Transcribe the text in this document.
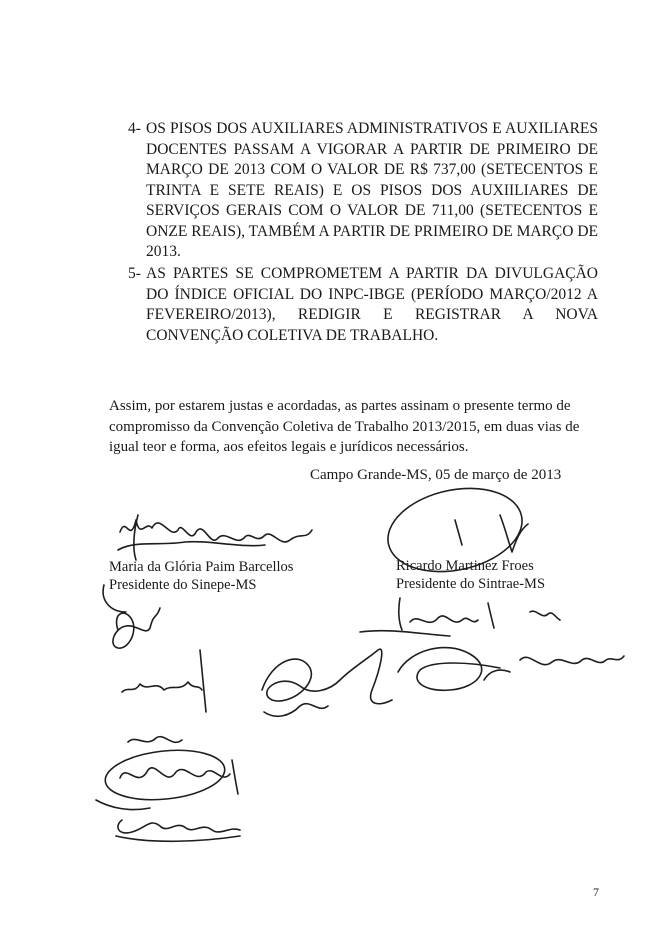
4- OS PISOS DOS AUXILIARES ADMINISTRATIVOS E AUXILIARES DOCENTES PASSAM A VIGORAR A PARTIR DE PRIMEIRO DE MARÇO DE 2013 COM O VALOR DE R$ 737,00 (SETECENTOS E TRINTA E SETE REAIS) E OS PISOS DOS AUXIILIARES DE SERVIÇOS GERAIS COM O VALOR DE 711,00 (SETECENTOS E ONZE REAIS), TAMBÉM A PARTIR DE PRIMEIRO DE MARÇO DE 2013.
5- AS PARTES SE COMPROMETEM A PARTIR DA DIVULGAÇÃO DO ÍNDICE OFICIAL DO INPC-IBGE (PERÍODO MARÇO/2012 A FEVEREIRO/2013), REDIGIR E REGISTRAR A NOVA CONVENÇÃO COLETIVA DE TRABALHO.
Assim, por estarem justas e acordadas, as partes assinam o presente termo de compromisso da Convenção Coletiva de Trabalho 2013/2015, em duas vias de igual teor e forma, aos efeitos legais e jurídicos necessários.
Campo Grande-MS, 05 de março de 2013
Maria da Glória Paim Barcellos
Presidente do Sinepe-MS
Ricardo Martinez Froes
Presidente do Sintrae-MS
7
